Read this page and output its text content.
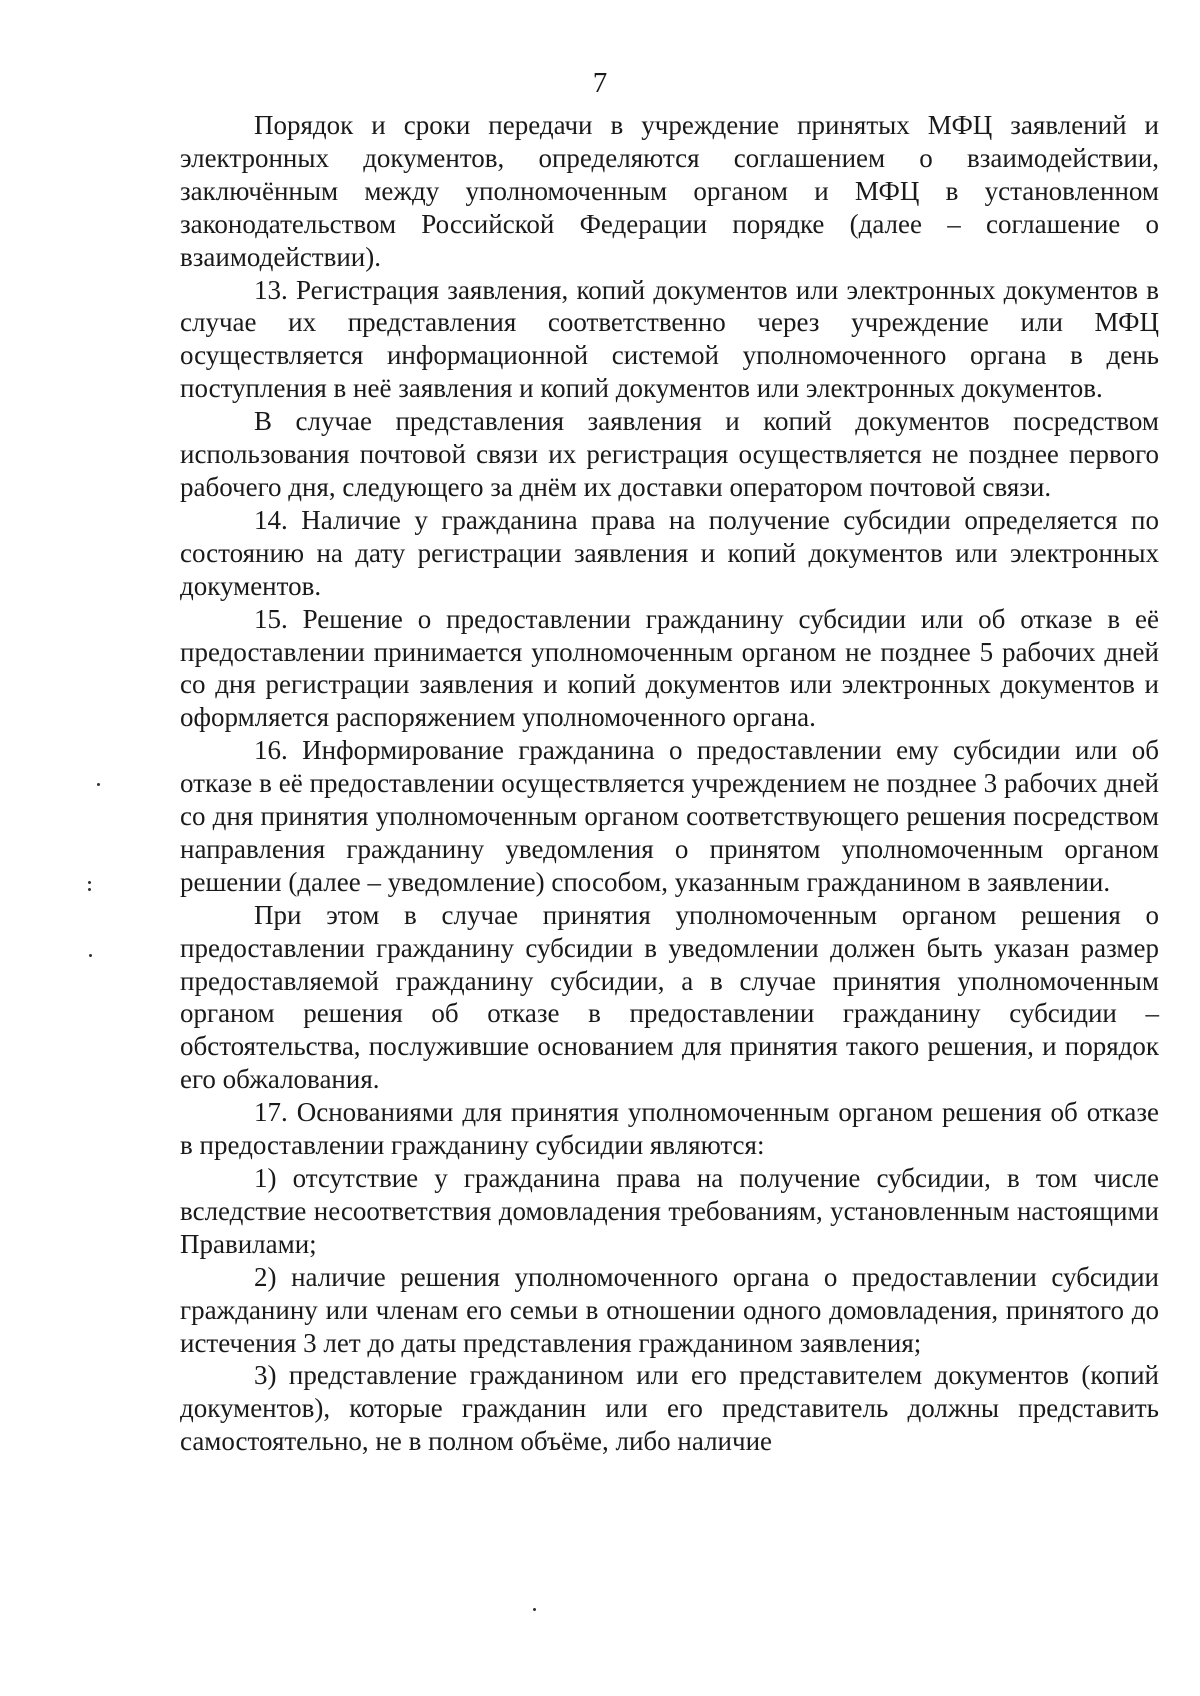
7

Порядок и сроки передачи в учреждение принятых МФЦ заявлений и электронных документов, определяются соглашением о взаимодействии, заключённым между уполномоченным органом и МФЦ в установленном законодательством Российской Федерации порядке (далее – соглашение о взаимодействии).

13. Регистрация заявления, копий документов или электронных документов в случае их представления соответственно через учреждение или МФЦ осуществляется информационной системой уполномоченного органа в день поступления в неё заявления и копий документов или электронных документов.

В случае представления заявления и копий документов посредством использования почтовой связи их регистрация осуществляется не позднее первого рабочего дня, следующего за днём их доставки оператором почтовой связи.

14. Наличие у гражданина права на получение субсидии определяется по состоянию на дату регистрации заявления и копий документов или электронных документов.

15. Решение о предоставлении гражданину субсидии или об отказе в её предоставлении принимается уполномоченным органом не позднее 5 рабочих дней со дня регистрации заявления и копий документов или электронных документов и оформляется распоряжением уполномоченного органа.

16. Информирование гражданина о предоставлении ему субсидии или об отказе в её предоставлении осуществляется учреждением не позднее 3 рабочих дней со дня принятия уполномоченным органом соответствующего решения посредством направления гражданину уведомления о принятом уполномоченным органом решении (далее – уведомление) способом, указанным гражданином в заявлении.

При этом в случае принятия уполномоченным органом решения о предоставлении гражданину субсидии в уведомлении должен быть указан размер предоставляемой гражданину субсидии, а в случае принятия уполномоченным органом решения об отказе в предоставлении гражданину субсидии – обстоятельства, послужившие основанием для принятия такого решения, и порядок его обжалования.

17. Основаниями для принятия уполномоченным органом решения об отказе в предоставлении гражданину субсидии являются:

1) отсутствие у гражданина права на получение субсидии, в том числе вследствие несоответствия домовладения требованиям, установленным настоящими Правилами;

2) наличие решения уполномоченного органа о предоставлении субсидии гражданину или членам его семьи в отношении одного домовладения, принятого до истечения 3 лет до даты представления гражданином заявления;

3) представление гражданином или его представителем документов (копий документов), которые гражданин или его представитель должны представить самостоятельно, не в полном объёме, либо наличие
